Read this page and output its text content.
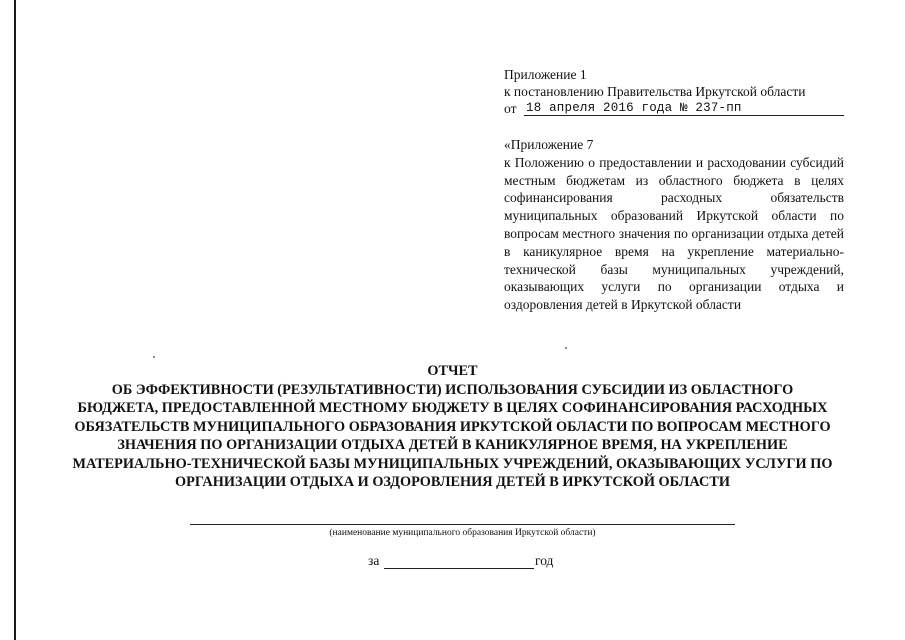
Приложение 1
к постановлению Правительства Иркутской области
от 18 апреля 2016 года № 237-пп
«Приложение 7
к Положению о предоставлении и расходовании субсидий местным бюджетам из областного бюджета в целях софинансирования расходных обязательств муниципальных образований Иркутской области по вопросам местного значения по организации отдыха детей в каникулярное время на укрепление материально-технической базы муниципальных учреждений, оказывающих услуги по организации отдыха и оздоровления детей в Иркутской области
ОТЧЕТ
ОБ ЭФФЕКТИВНОСТИ (РЕЗУЛЬТАТИВНОСТИ) ИСПОЛЬЗОВАНИЯ СУБСИДИИ ИЗ ОБЛАСТНОГО БЮДЖЕТА, ПРЕДОСТАВЛЕННОЙ МЕСТНОМУ БЮДЖЕТУ В ЦЕЛЯХ СОФИНАНСИРОВАНИЯ РАСХОДНЫХ ОБЯЗАТЕЛЬСТВ МУНИЦИПАЛЬНОГО ОБРАЗОВАНИЯ ИРКУТСКОЙ ОБЛАСТИ ПО ВОПРОСАМ МЕСТНОГО ЗНАЧЕНИЯ ПО ОРГАНИЗАЦИИ ОТДЫХА ДЕТЕЙ В КАНИКУЛЯРНОЕ ВРЕМЯ, НА УКРЕПЛЕНИЕ МАТЕРИАЛЬНО-ТЕХНИЧЕСКОЙ БАЗЫ МУНИЦИПАЛЬНЫХ УЧРЕЖДЕНИЙ, ОКАЗЫВАЮЩИХ УСЛУГИ ПО ОРГАНИЗАЦИИ ОТДЫХА И ОЗДОРОВЛЕНИЯ ДЕТЕЙ В ИРКУТСКОЙ ОБЛАСТИ
(наименование муниципального образования Иркутской области)
за	год
